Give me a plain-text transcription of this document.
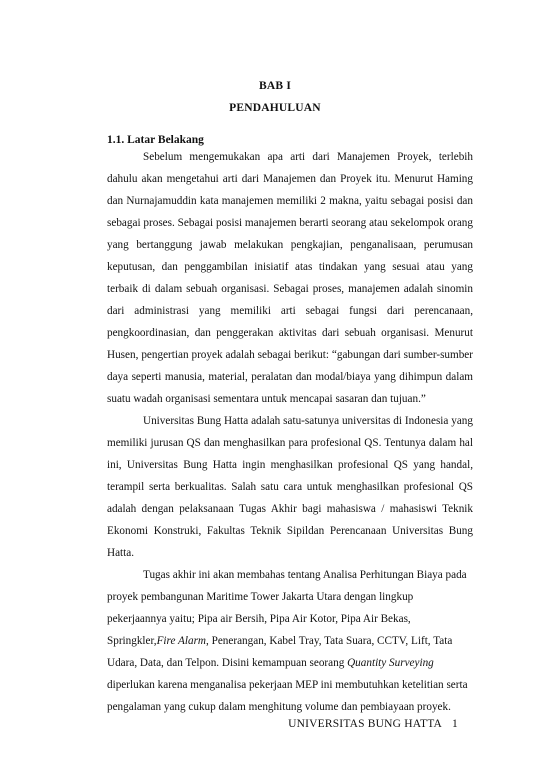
BAB I
PENDAHULUAN
1.1. Latar Belakang

Sebelum mengemukakan apa arti dari Manajemen Proyek, terlebih dahulu akan mengetahui arti dari Manajemen dan Proyek itu. Menurut Haming dan Nurnajamuddin kata manajemen memiliki 2 makna, yaitu sebagai posisi dan sebagai proses. Sebagai posisi manajemen berarti seorang atau sekelompok orang yang bertanggung jawab melakukan pengkajian, penganalisaan, perumusan keputusan, dan penggambilan inisiatif atas tindakan yang sesuai atau yang terbaik di dalam sebuah organisasi. Sebagai proses, manajemen adalah sinomin dari administrasi yang memiliki arti sebagai fungsi dari perencanaan, pengkoordinasian, dan penggerakan aktivitas dari sebuah organisasi. Menurut Husen, pengertian proyek adalah sebagai berikut: “gabungan dari sumber-sumber daya seperti manusia, material, peralatan dan modal/biaya yang dihimpun dalam suatu wadah organisasi sementara untuk mencapai sasaran dan tujuan.”

Universitas Bung Hatta adalah satu-satunya universitas di Indonesia yang memiliki jurusan QS dan menghasilkan para profesional QS. Tentunya dalam hal ini, Universitas Bung Hatta ingin menghasilkan profesional QS yang handal, terampil serta berkualitas. Salah satu cara untuk menghasilkan profesional QS adalah dengan pelaksanaan Tugas Akhir bagi mahasiswa / mahasiswi Teknik Ekonomi Konstruki, Fakultas Teknik Sipildan Perencanaan Universitas Bung Hatta.

Tugas akhir ini akan membahas tentang Analisa Perhitungan Biaya pada proyek pembangunan Maritime Tower Jakarta Utara dengan lingkup pekerjaannya yaitu; Pipa air Bersih, Pipa Air Kotor, Pipa Air Bekas, Springkler,Fire Alarm, Penerangan, Kabel Tray, Tata Suara, CCTV, Lift, Tata Udara, Data, dan Telpon. Disini kemampuan seorang Quantity Surveying diperlukan karena menganalisa pekerjaan MEP ini membutuhkan ketelitian serta pengalaman yang cukup dalam menghitung volume dan pembiayaan proyek.

UNIVERSITAS BUNG HATTA 1
